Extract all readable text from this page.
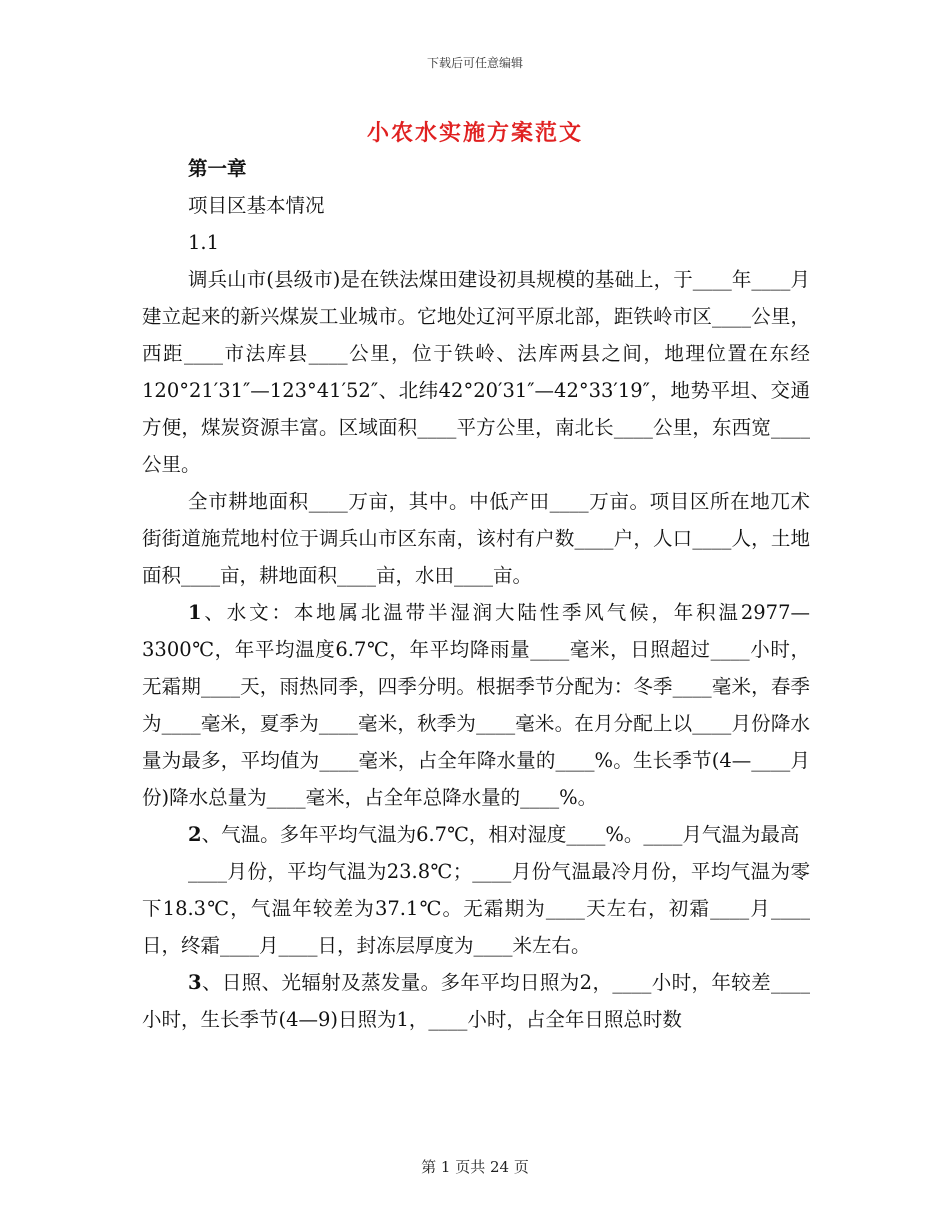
下载后可任意编辑
小农水实施方案范文

第一章

项目区基本情况

1.1

调兵山市(县级市)是在铁法煤田建设初具规模的基础上，于____年____月建立起来的新兴煤炭工业城市。它地处辽河平原北部，距铁岭市区____公里，西距____市法库县____公里，位于铁岭、法库两县之间，地理位置在东经120°21′31″—123°41′52″、北纬42°20′31″—42°33′19″，地势平坦、交通方便，煤炭资源丰富。区域面积____平方公里，南北长____公里，东西宽____公里。

全市耕地面积____万亩，其中。中低产田____万亩。项目区所在地兀术街街道施荒地村位于调兵山市区东南，该村有户数____户，人口____人，土地面积____亩，耕地面积____亩，水田____亩。

1、水文：本地属北温带半湿润大陆性季风气候，年积温2977—3300℃，年平均温度6.7℃，年平均降雨量____毫米，日照超过____小时，无霜期____天，雨热同季，四季分明。根据季节分配为：冬季____毫米，春季为____毫米，夏季为____毫米，秋季为____毫米。在月分配上以____月份降水量为最多，平均值为____毫米，占全年降水量的____%。生长季节(4—____月份)降水总量为____毫米，占全年总降水量的____%。

2、气温。多年平均气温为6.7℃，相对湿度____%。____月气温为最高

____月份，平均气温为23.8℃；____月份气温最冷月份，平均气温为零下18.3℃，气温年较差为37.1℃。无霜期为____天左右，初霜____月____日，终霜____月____日，封冻层厚度为____米左右。

3、日照、光辐射及蒸发量。多年平均日照为2，____小时，年较差____小时，生长季节(4—9)日照为1，____小时，占全年日照总时数

第 1 页共 24 页
